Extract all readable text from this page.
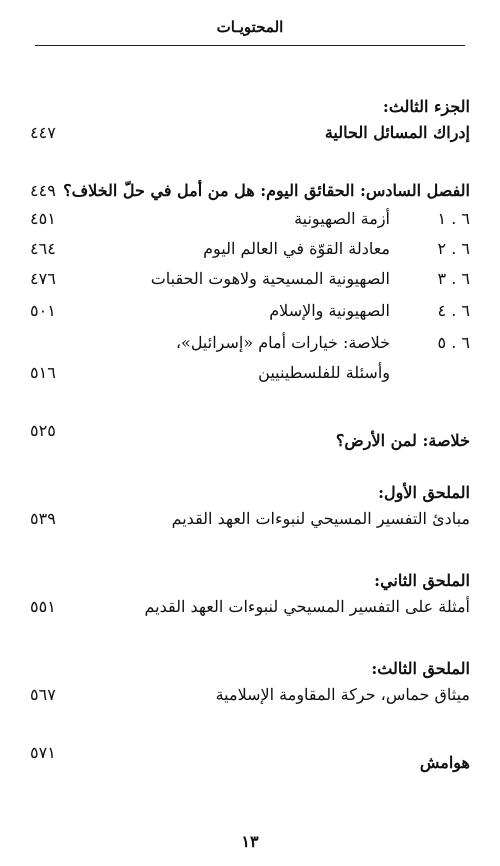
المحتويـات
الجزء الثالث:
إدراك المسائل الحالية
٤٤٧
الفصل السادس: الحقائق اليوم: هل من أمل في حلّ الخلاف؟
٤٤٩
٦ . ١
أزمة الصهيونية
٤٥١
٦ . ٢
معادلة القوّة في العالم اليوم
٤٦٤
٦ . ٣
الصهيونية المسيحية ولاهوت الحقبات
٤٧٦
٦ . ٤
الصهيونية والإسلام
٥٠١
٦ . ٥
خلاصة: خيارات أمام «إسرائيل»،
وأسئلة للفلسطينيين
٥١٦
خلاصة: لمن الأرض؟
٥٢٥
الملحق الأول:
مبادئ التفسير المسيحي لنبوءات العهد القديم
٥٣٩
الملحق الثاني:
أمثلة على التفسير المسيحي لنبوءات العهد القديم
٥٥١
الملحق الثالث:
ميثاق حماس، حركة المقاومة الإسلامية
٥٦٧
هوامش
٥٧١
١٣
